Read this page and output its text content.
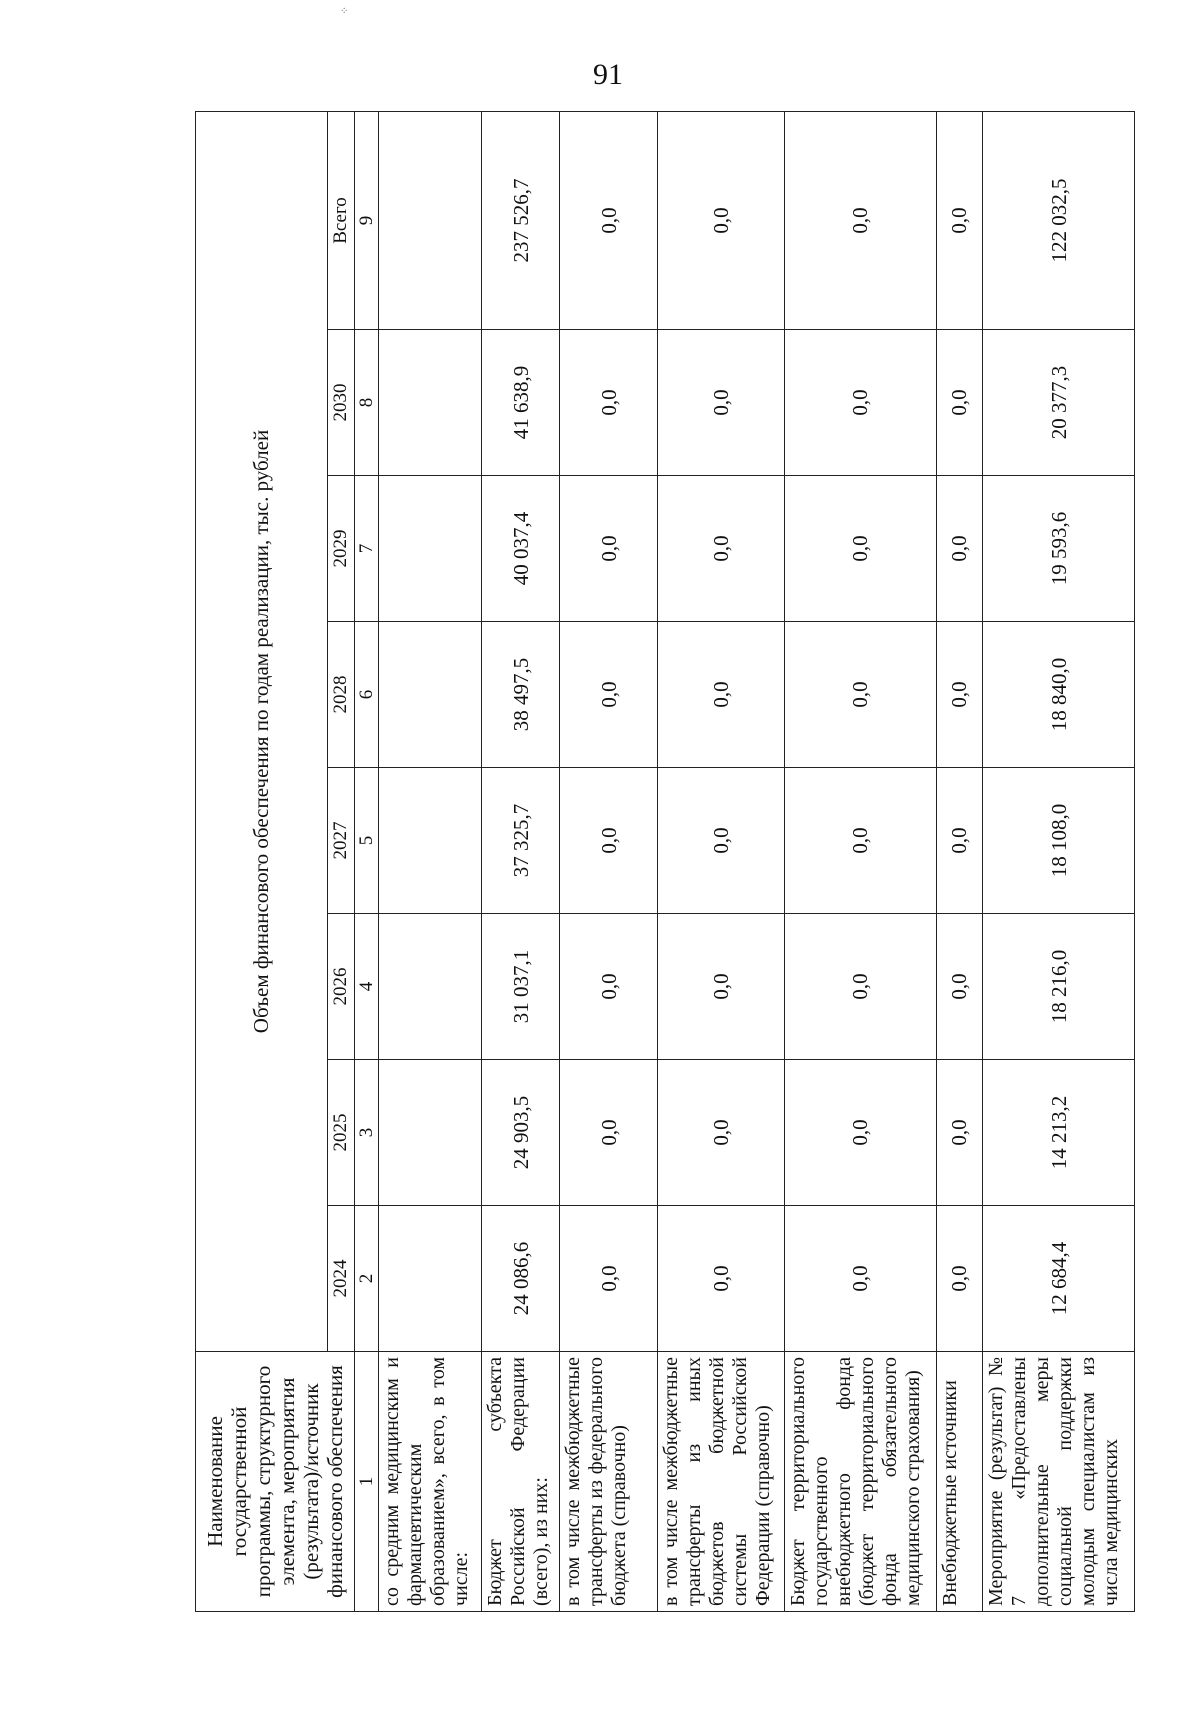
⁘
91
Наименование государственной программы, структурного элемента, мероприятия (результата)/источник финансового обеспечения	Объем финансового обеспечения по годам реализации, тыс. рублей							
	2024	2025	2026	2027	2028	2029	2030	Всего
1	2	3	4	5	6	7	8	9
со средним медицинским и фармацевтическим образованием», всего, в том числе:								
Бюджет субъекта Российской Федерации (всего), из них:	24 086,6	24 903,5	31 037,1	37 325,7	38 497,5	40 037,4	41 638,9	237 526,7
в том числе межбюджетные трансферты из федерального бюджета (справочно)	0,0	0,0	0,0	0,0	0,0	0,0	0,0	0,0
в том числе межбюджетные трансферты из иных бюджетов бюджетной системы Российской Федерации (справочно)	0,0	0,0	0,0	0,0	0,0	0,0	0,0	0,0
Бюджет территориального государственного внебюджетного фонда (бюджет территориального фонда обязательного медицинского страхования)	0,0	0,0	0,0	0,0	0,0	0,0	0,0	0,0
Внебюджетные источники	0,0	0,0	0,0	0,0	0,0	0,0	0,0	0,0
Мероприятие (результат) № 7 «Предоставлены дополнительные меры социальной поддержки молодым специалистам из числа медицинских	12 684,4	14 213,2	18 216,0	18 108,0	18 840,0	19 593,6	20 377,3	122 032,5
